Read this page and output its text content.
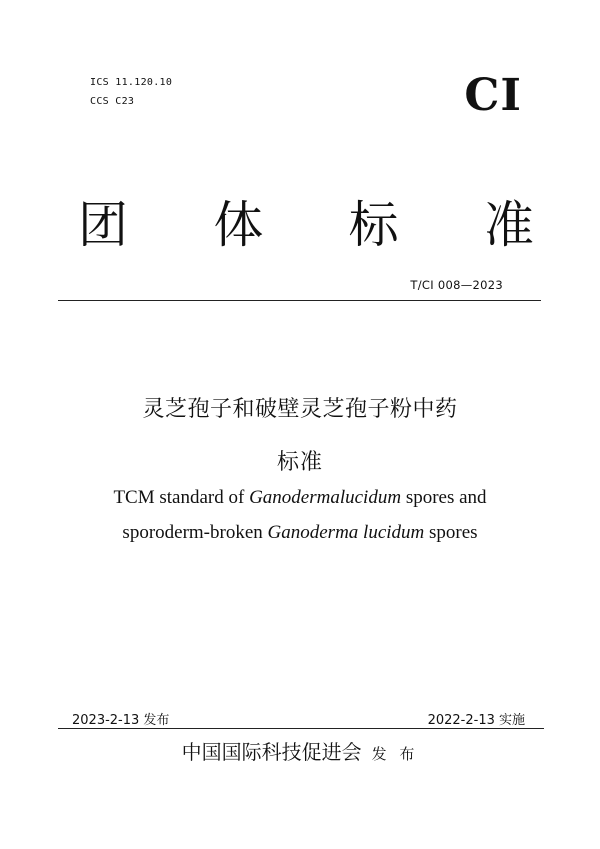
ICS 11.120.10
CCS C23	CI
团 体 标 准
T/CI 008—2023
灵芝孢子和破壁灵芝孢子粉中药
标准
TCM standard of Ganodermalucidum spores and
sporoderm-broken Ganoderma lucidum spores
2023-2-13 发布	2022-2-13 实施
中国国际科技促进会 发 布
